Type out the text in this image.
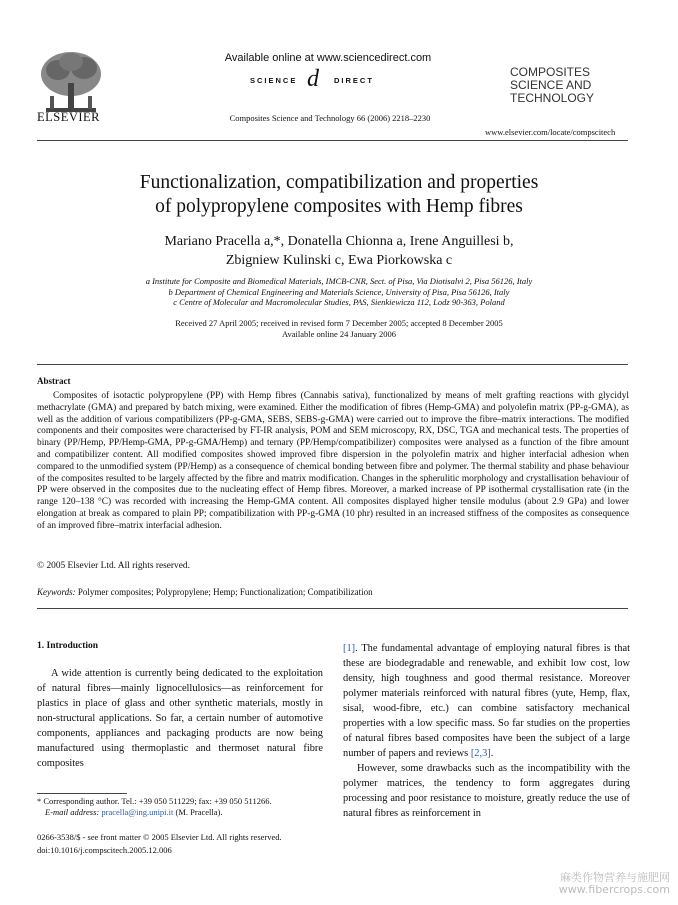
ELSEVIER
Available online at www.sciencedirect.com
SCIENCE d DIRECT
Composites Science and Technology 66 (2006) 2218–2230
COMPOSITES
SCIENCE AND
TECHNOLOGY
www.elsevier.com/locate/compscitech
Functionalization, compatibilization and properties
of polypropylene composites with Hemp fibres
Mariano Pracella a,*, Donatella Chionna a, Irene Anguillesi b,
Zbigniew Kulinski c, Ewa Piorkowska c
a Institute for Composite and Biomedical Materials, IMCB-CNR, Sect. of Pisa, Via Diotisalvi 2, Pisa 56126, Italy
b Department of Chemical Engineering and Materials Science, University of Pisa, Pisa 56126, Italy
c Centre of Molecular and Macromolecular Studies, PAS, Sienkiewicza 112, Lodz 90-363, Poland
Received 27 April 2005; received in revised form 7 December 2005; accepted 8 December 2005
Available online 24 January 2006
Abstract
Composites of isotactic polypropylene (PP) with Hemp fibres (Cannabis sativa), functionalized by means of melt grafting reactions with glycidyl methacrylate (GMA) and prepared by batch mixing, were examined. Either the modification of fibres (Hemp-GMA) and polyolefin matrix (PP-g-GMA), as well as the addition of various compatibilizers (PP-g-GMA, SEBS, SEBS-g-GMA) were carried out to improve the fibre–matrix interactions. The modified components and their composites were characterised by FT-IR analysis, POM and SEM microscopy, RX, DSC, TGA and mechanical tests. The properties of binary (PP/Hemp, PP/Hemp-GMA, PP-g-GMA/Hemp) and ternary (PP/Hemp/compatibilizer) composites were analysed as a function of the fibre amount and compatibilizer content. All modified composites showed improved fibre dispersion in the polyolefin matrix and higher interfacial adhesion when compared to the unmodified system (PP/Hemp) as a consequence of chemical bonding between fibre and polymer. The thermal stability and phase behaviour of the composites resulted to be largely affected by the fibre and matrix modification. Changes in the spherulitic morphology and crystallisation behaviour of PP were observed in the composites due to the nucleating effect of Hemp fibres. Moreover, a marked increase of PP isothermal crystallisation rate (in the range 120–138 °C) was recorded with increasing the Hemp-GMA content. All composites displayed higher tensile modulus (about 2.9 GPa) and lower elongation at break as compared to plain PP; compatibilization with PP-g-GMA (10 phr) resulted in an increased stiffness of the composites as consequence of an improved fibre–matrix interfacial adhesion.
© 2005 Elsevier Ltd. All rights reserved.
Keywords: Polymer composites; Polypropylene; Hemp; Functionalization; Compatibilization
1. Introduction
A wide attention is currently being dedicated to the exploitation of natural fibres—mainly lignocellulosics—as reinforcement for plastics in place of glass and other synthetic materials, mostly in non-structural applications. So far, a certain number of automotive components, appliances and packaging products are now being manufactured using thermoplastic and thermoset natural fibre composites

[1]. The fundamental advantage of employing natural fibres is that these are biodegradable and renewable, and exhibit low cost, low density, high toughness and good thermal resistance. Moreover polymer materials reinforced with natural fibres (yute, Hemp, flax, sisal, wood-fibre, etc.) can combine satisfactory mechanical properties with a low specific mass. So far studies on the properties of natural fibres based composites have been the subject of a large number of papers and reviews [2,3].

However, some drawbacks such as the incompatibility with the polymer matrices, the tendency to form aggregates during processing and poor resistance to moisture, greatly reduce the use of natural fibres as reinforcement in

* Corresponding author. Tel.: +39 050 511229; fax: +39 050 511266.
E-mail address: pracella@ing.unipi.it (M. Pracella).
0266-3538/$ - see front matter © 2005 Elsevier Ltd. All rights reserved.
doi:10.1016/j.compscitech.2005.12.006
麻类作物营养与施肥网
www.fibercrops.com
